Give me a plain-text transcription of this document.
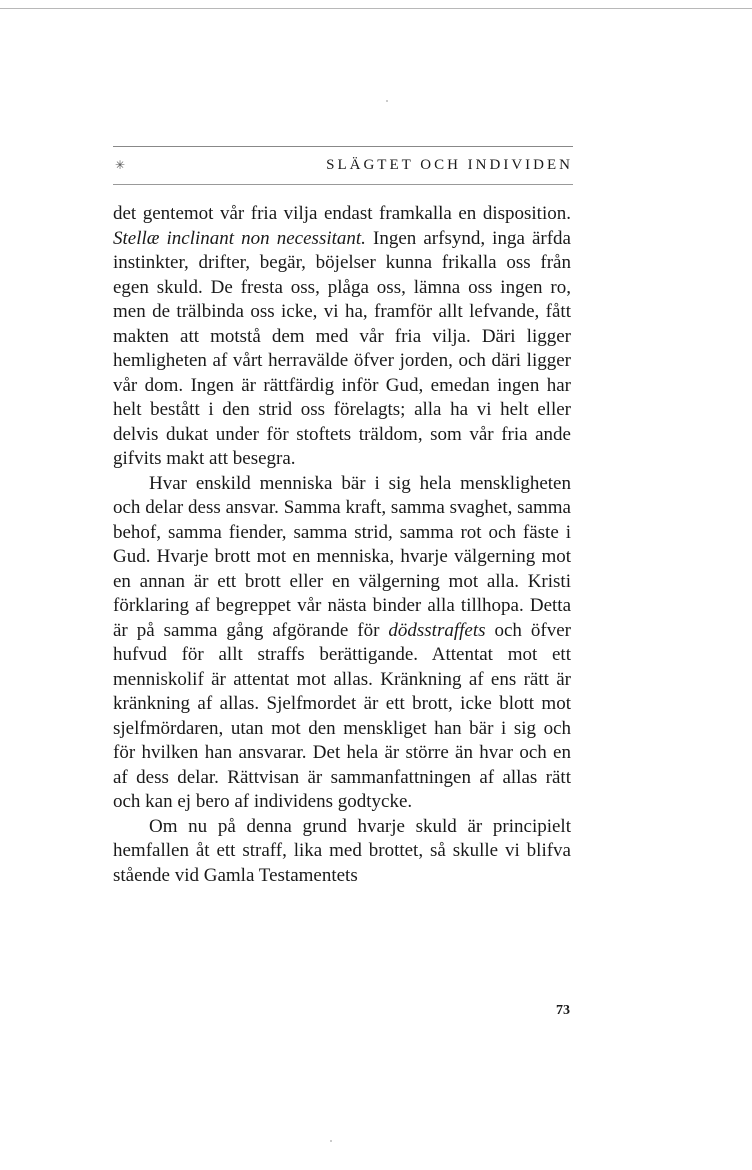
✳	SLÄGTET OCH INDIVIDEN

det gentemot vår fria vilja endast framkalla en disposition. Stellæ inclinant non necessitant. Ingen arfsynd, inga ärfda instinkter, drifter, begär, böjelser kunna frikalla oss från egen skuld. De fresta oss, plåga oss, lämna oss ingen ro, men de trälbinda oss icke, vi ha, framför allt lefvande, fått makten att motstå dem med vår fria vilja. Däri ligger hemligheten af vårt herravälde öfver jorden, och däri ligger vår dom. Ingen är rättfärdig inför Gud, emedan ingen har helt bestått i den strid oss förelagts; alla ha vi helt eller delvis dukat under för stoftets träldom, som vår fria ande gifvits makt att besegra.

Hvar enskild menniska bär i sig hela menskligheten och delar dess ansvar. Samma kraft, samma svaghet, samma behof, samma fiender, samma strid, samma rot och fäste i Gud. Hvarje brott mot en menniska, hvarje välgerning mot en annan är ett brott eller en välgerning mot alla. Kristi förklaring af begreppet vår nästa binder alla tillhopa. Detta är på samma gång afgörande för dödsstraffets och öfver hufvud för allt straffs berättigande. Attentat mot ett menniskolif är attentat mot allas. Kränkning af ens rätt är kränkning af allas. Sjelfmordet är ett brott, icke blott mot sjelfmördaren, utan mot den menskliget han bär i sig och för hvilken han ansvarar. Det hela är större än hvar och en af dess delar. Rättvisan är sammanfattningen af allas rätt och kan ej bero af individens godtycke.

Om nu på denna grund hvarje skuld är principielt hemfallen åt ett straff, lika med brottet, så skulle vi blifva stående vid Gamla Testamentets

73
